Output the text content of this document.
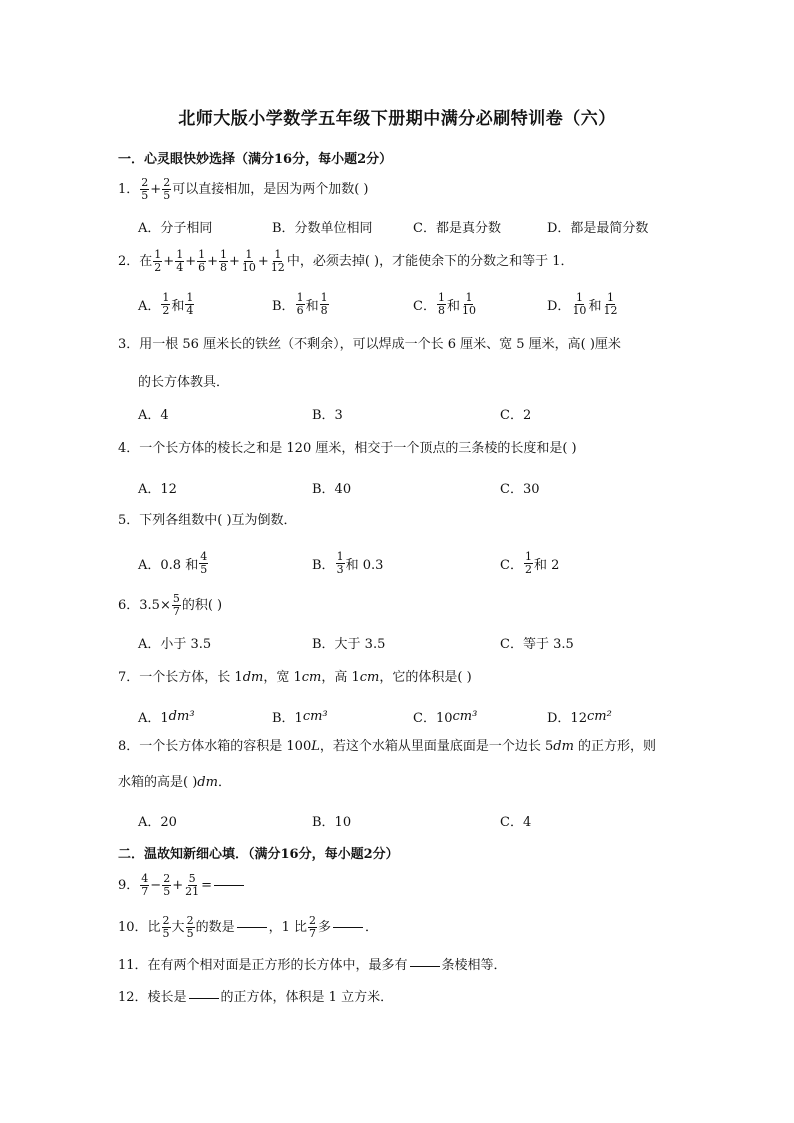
北师大版小学数学五年级下册期中满分必刷特训卷（六）
一．心灵眼快妙选择（满分16分，每小题2分）
1． $\frac{2}{5} + \frac{2}{5}$ 可以直接相加，是因为两个加数( )
A．分子相同	B．分数单位相同	C．都是真分数	D．都是最简分数
2．在 $\frac{1}{2} + \frac{1}{4} + \frac{1}{6} + \frac{1}{8} + \frac{1}{10} + \frac{1}{12}$ 中，必须去掉( )，才能使余下的分数之和等于 1．
A． $\frac{1}{2}$ 和 $\frac{1}{4}$	B． $\frac{1}{6}$ 和 $\frac{1}{8}$	C． $\frac{1}{8}$ 和 $\frac{1}{10}$	D． $\frac{1}{10}$ 和 $\frac{1}{12}$
3．用一根 56 厘米长的铁丝（不剩余），可以焊成一个长 6 厘米、宽 5 厘米，高( )厘米
的长方体教具．
A．4	B．3	C．2
4．一个长方体的棱长之和是 120 厘米，相交于一个顶点的三条棱的长度和是( )
A．12	B．40	C．30
5．下列各组数中( )互为倒数．
A．0.8 和 $\frac{4}{5}$	B． $\frac{1}{3}$ 和 0.3	C． $\frac{1}{2}$ 和 2
6．$3.5\times \frac{5}{7}$ 的积( )
A．小于 3.5	B．大于 3.5	C．等于 3.5
7．一个长方体，长 1dm，宽 1cm，高 1cm，它的体积是( )
A．1 dm³	B．1 cm³	C．10 cm³	D．12 cm²
8．一个长方体水箱的容积是 100L，若这个水箱从里面量底面是一个边长 5dm 的正方形，则
水箱的高是( )dm．
A．20	B．10	C．4
二．温故知新细心填．（满分16分，每小题2分）
9． $\frac{4}{7} - \frac{2}{5} + \frac{5}{21}$ =
10．比 $\frac{2}{5}$ 大 $\frac{2}{5}$ 的数是	，1 比 $\frac{2}{7}$ 多	．
11．在有两个相对面是正方形的长方体中，最多有	条棱相等．
12．棱长是	的正方体，体积是 1 立方米．
